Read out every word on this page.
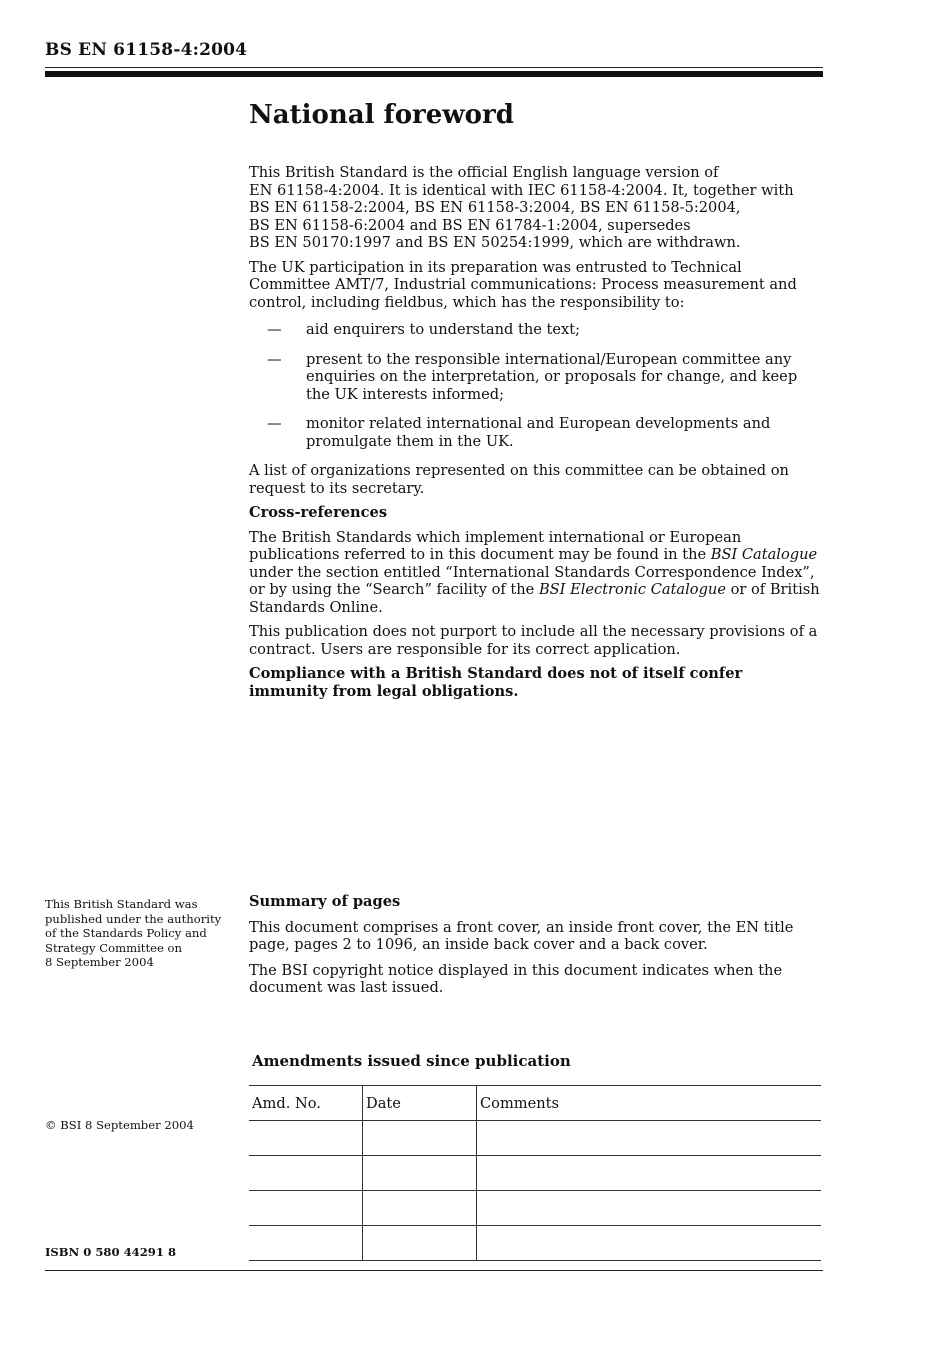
BS EN 61158-4:2004
National foreword

This British Standard is the official English language version of
EN 61158-4:2004. It is identical with IEC 61158-4:2004. It, together with
BS EN 61158-2:2004, BS EN 61158-3:2004, BS EN 61158-5:2004,
BS EN 61158-6:2004 and BS EN 61784-1:2004, supersedes
BS EN 50170:1997 and BS EN 50254:1999, which are withdrawn.

The UK participation in its preparation was entrusted to Technical Committee AMT/7, Industrial communications: Process measurement and control, including fieldbus, which has the responsibility to:

— aid enquirers to understand the text;
— present to the responsible international/European committee any enquiries on the interpretation, or proposals for change, and keep the UK interests informed;
— monitor related international and European developments and promulgate them in the UK.

A list of organizations represented on this committee can be obtained on request to its secretary.

Cross-references

The British Standards which implement international or European publications referred to in this document may be found in the BSI Catalogue under the section entitled “International Standards Correspondence Index”, or by using the “Search” facility of the BSI Electronic Catalogue or of British Standards Online.

This publication does not purport to include all the necessary provisions of a contract. Users are responsible for its correct application.

Compliance with a British Standard does not of itself confer immunity from legal obligations.

This British Standard was
published under the authority
of the Standards Policy and
Strategy Committee on
8 September 2004

Summary of pages

This document comprises a front cover, an inside front cover, the EN title page, pages 2 to 1096, an inside back cover and a back cover.

The BSI copyright notice displayed in this document indicates when the document was last issued.

Amendments issued since publication
Amd. No.	Date	Comments

© BSI 8 September 2004
ISBN 0 580 44291 8
